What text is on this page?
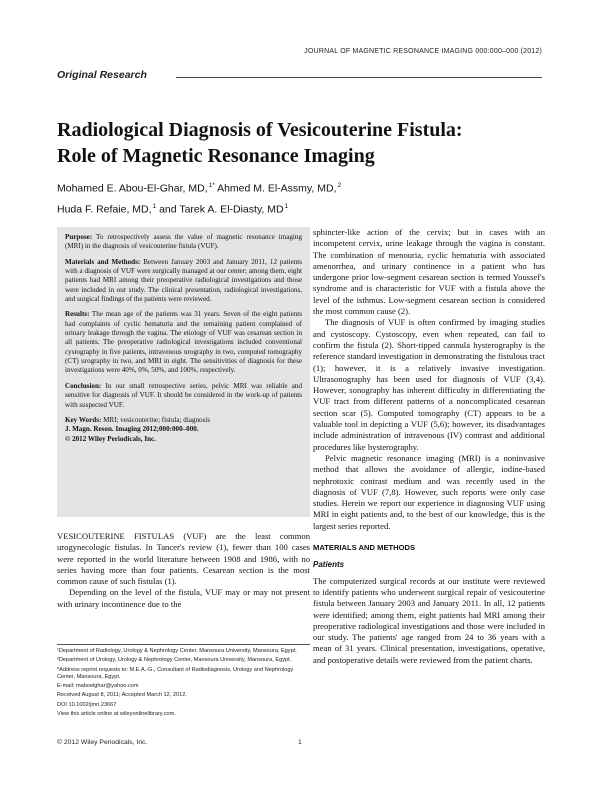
JOURNAL OF MAGNETIC RESONANCE IMAGING 000:000–000 (2012)
Original Research
Radiological Diagnosis of Vesicouterine Fistula:
Role of Magnetic Resonance Imaging
Mohamed E. Abou-El-Ghar, MD,$^{1*}$ Ahmed M. El-Assmy, MD,$^2$
Huda F. Refaie, MD,$^1$ and Tarek A. El-Diasty, $MD^1$

Purpose: To retrospectively assess the value of magnetic resonance imaging (MRI) in the diagnosis of vesicouterine fistula (VUF).

Materials and Methods: Between January 2003 and January 2011, 12 patients with a diagnosis of VUF were surgically managed at our center; among them, eight patients had MRI among their preoperative radiological investigations and those were included in our study. The clinical presentation, radiological investigations, and surgical findings of the patients were reviewed.

Results: The mean age of the patients was 31 years. Seven of the eight patients had complaints of cyclic hematuria and the remaining patient complained of urinary leakage through the vagina. The etiology of VUF was cesarean section in all patients. The preoperative radiological investigations included conventional cystography in five patients, intravenous urography in two, computed tomography (CT) urography in two, and MRI in eight. The sensitivities of diagnosis for these investigations were 40%, 0%, 50%, and 100%, respectively.

Conclusion: In our small retrospective series, pelvic MRI was reliable and sensitive for diagnosis of VUF. It should be considered in the work-up of patients with suspected VUF.

Key Words: MRI; vesicouterine; fistula; diagnosis
J. Magn. Reson. Imaging 2012;000:000–000.
© 2012 Wiley Periodicals, Inc.

VESICOUTERINE FISTULAS (VUF) are the least common urogynecologic fistulas. In Tancer's review (1), fewer than 100 cases were reported in the world literature between 1908 and 1986, with no series having more than four patients. Cesarean section is the most common cause of such fistulas (1).

Depending on the level of the fistula, VUF may or may not present with urinary incontinence due to the

¹Department of Radiology, Urology & Nephrology Center, Mansoura University, Mansoura, Egypt.

²Department of Urology, Urology & Nephrology Center, Mansoura University, Mansoura, Egypt.

*Address reprint requests to: M.E.A.-G., Consultant of Radiodiagnosis, Urology and Nephrology Center, Mansoura, Egypt.

E-mail: maboelghar@yahoo.com

Received August 8, 2011; Accepted March 12, 2012.

DOI 10.1002/jmri.23667

View this article online at wileyonlinelibrary.com.

sphincter-like action of the cervix; but in cases with an incompetent cervix, urine leakage through the vagina is constant. The combination of menouria, cyclic hematuria with associated amenorrhea, and urinary continence in a patient who has undergone prior low-segment cesarean section is termed Youssef's syndrome and is characteristic for VUF with a fistula above the level of the isthmus. Low-segment cesarean section is considered the most common cause (2).

The diagnosis of VUF is often confirmed by imaging studies and cystoscopy. Cystoscopy, even when repeated, can fail to confirm the fistula (2). Short-tipped cannula hysterography is the reference standard investigation in demonstrating the fistulous tract (1); however, it is a relatively invasive investigation. Ultrasonography has been used for diagnosis of VUF (3,4). However, sonography has inherent difficulty in differentiating the VUF tract from different patterns of a noncomplicated cesarean section scar (5). Computed tomography (CT) appears to be a valuable tool in depicting a VUF (5,6); however, its disadvantages include administration of intravenous (IV) contrast and additional procedures like hysterography.

Pelvic magnetic resonance imaging (MRI) is a noninvasive method that allows the avoidance of allergic, iodine-based nephrotoxic contrast medium and was recently used in the diagnosis of VUF (7,8). However, such reports were only case studies. Herein we report our experience in diagnosing VUF using MRI in eight patients and, to the best of our knowledge, this is the largest series reported.

MATERIALS AND METHODS
Patients

The computerized surgical records at our institute were reviewed to identify patients who underwent surgical repair of vesicouterine fistula between January 2003 and January 2011. In all, 12 patients were identified; among them, eight patients had MRI among their preoperative radiological investigations and those were included in our study. The patients' age ranged from 24 to 36 years with a mean of 31 years. Clinical presentation, investigations, operative, and postoperative details were reviewed from the patient charts.

© 2012 Wiley Periodicals, Inc.	1
